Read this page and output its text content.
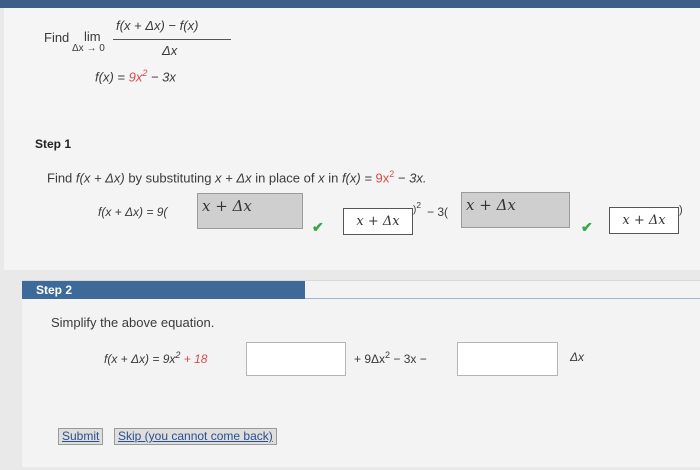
Find lim
Δx → 0
f(x + Δx) − f(x)
Δx
$f(x) = 9x^2 - 3x$
Step 1
Find f(x + Δx) by substituting x + Δx in place of x in $f(x) = 9x^2 - 3x$.
f(x + Δx) = 9(	x + Δx
✔	x + Δx
)$^2$ − 3(	x + Δx
✔	x + Δx
)
Step 2
Simplify the above equation.
$f(x + \Delta x) = 9x^2 + 18$	+ $9\Delta x^2 - 3x$ −	Δx
Submit	Skip (you cannot come back)
